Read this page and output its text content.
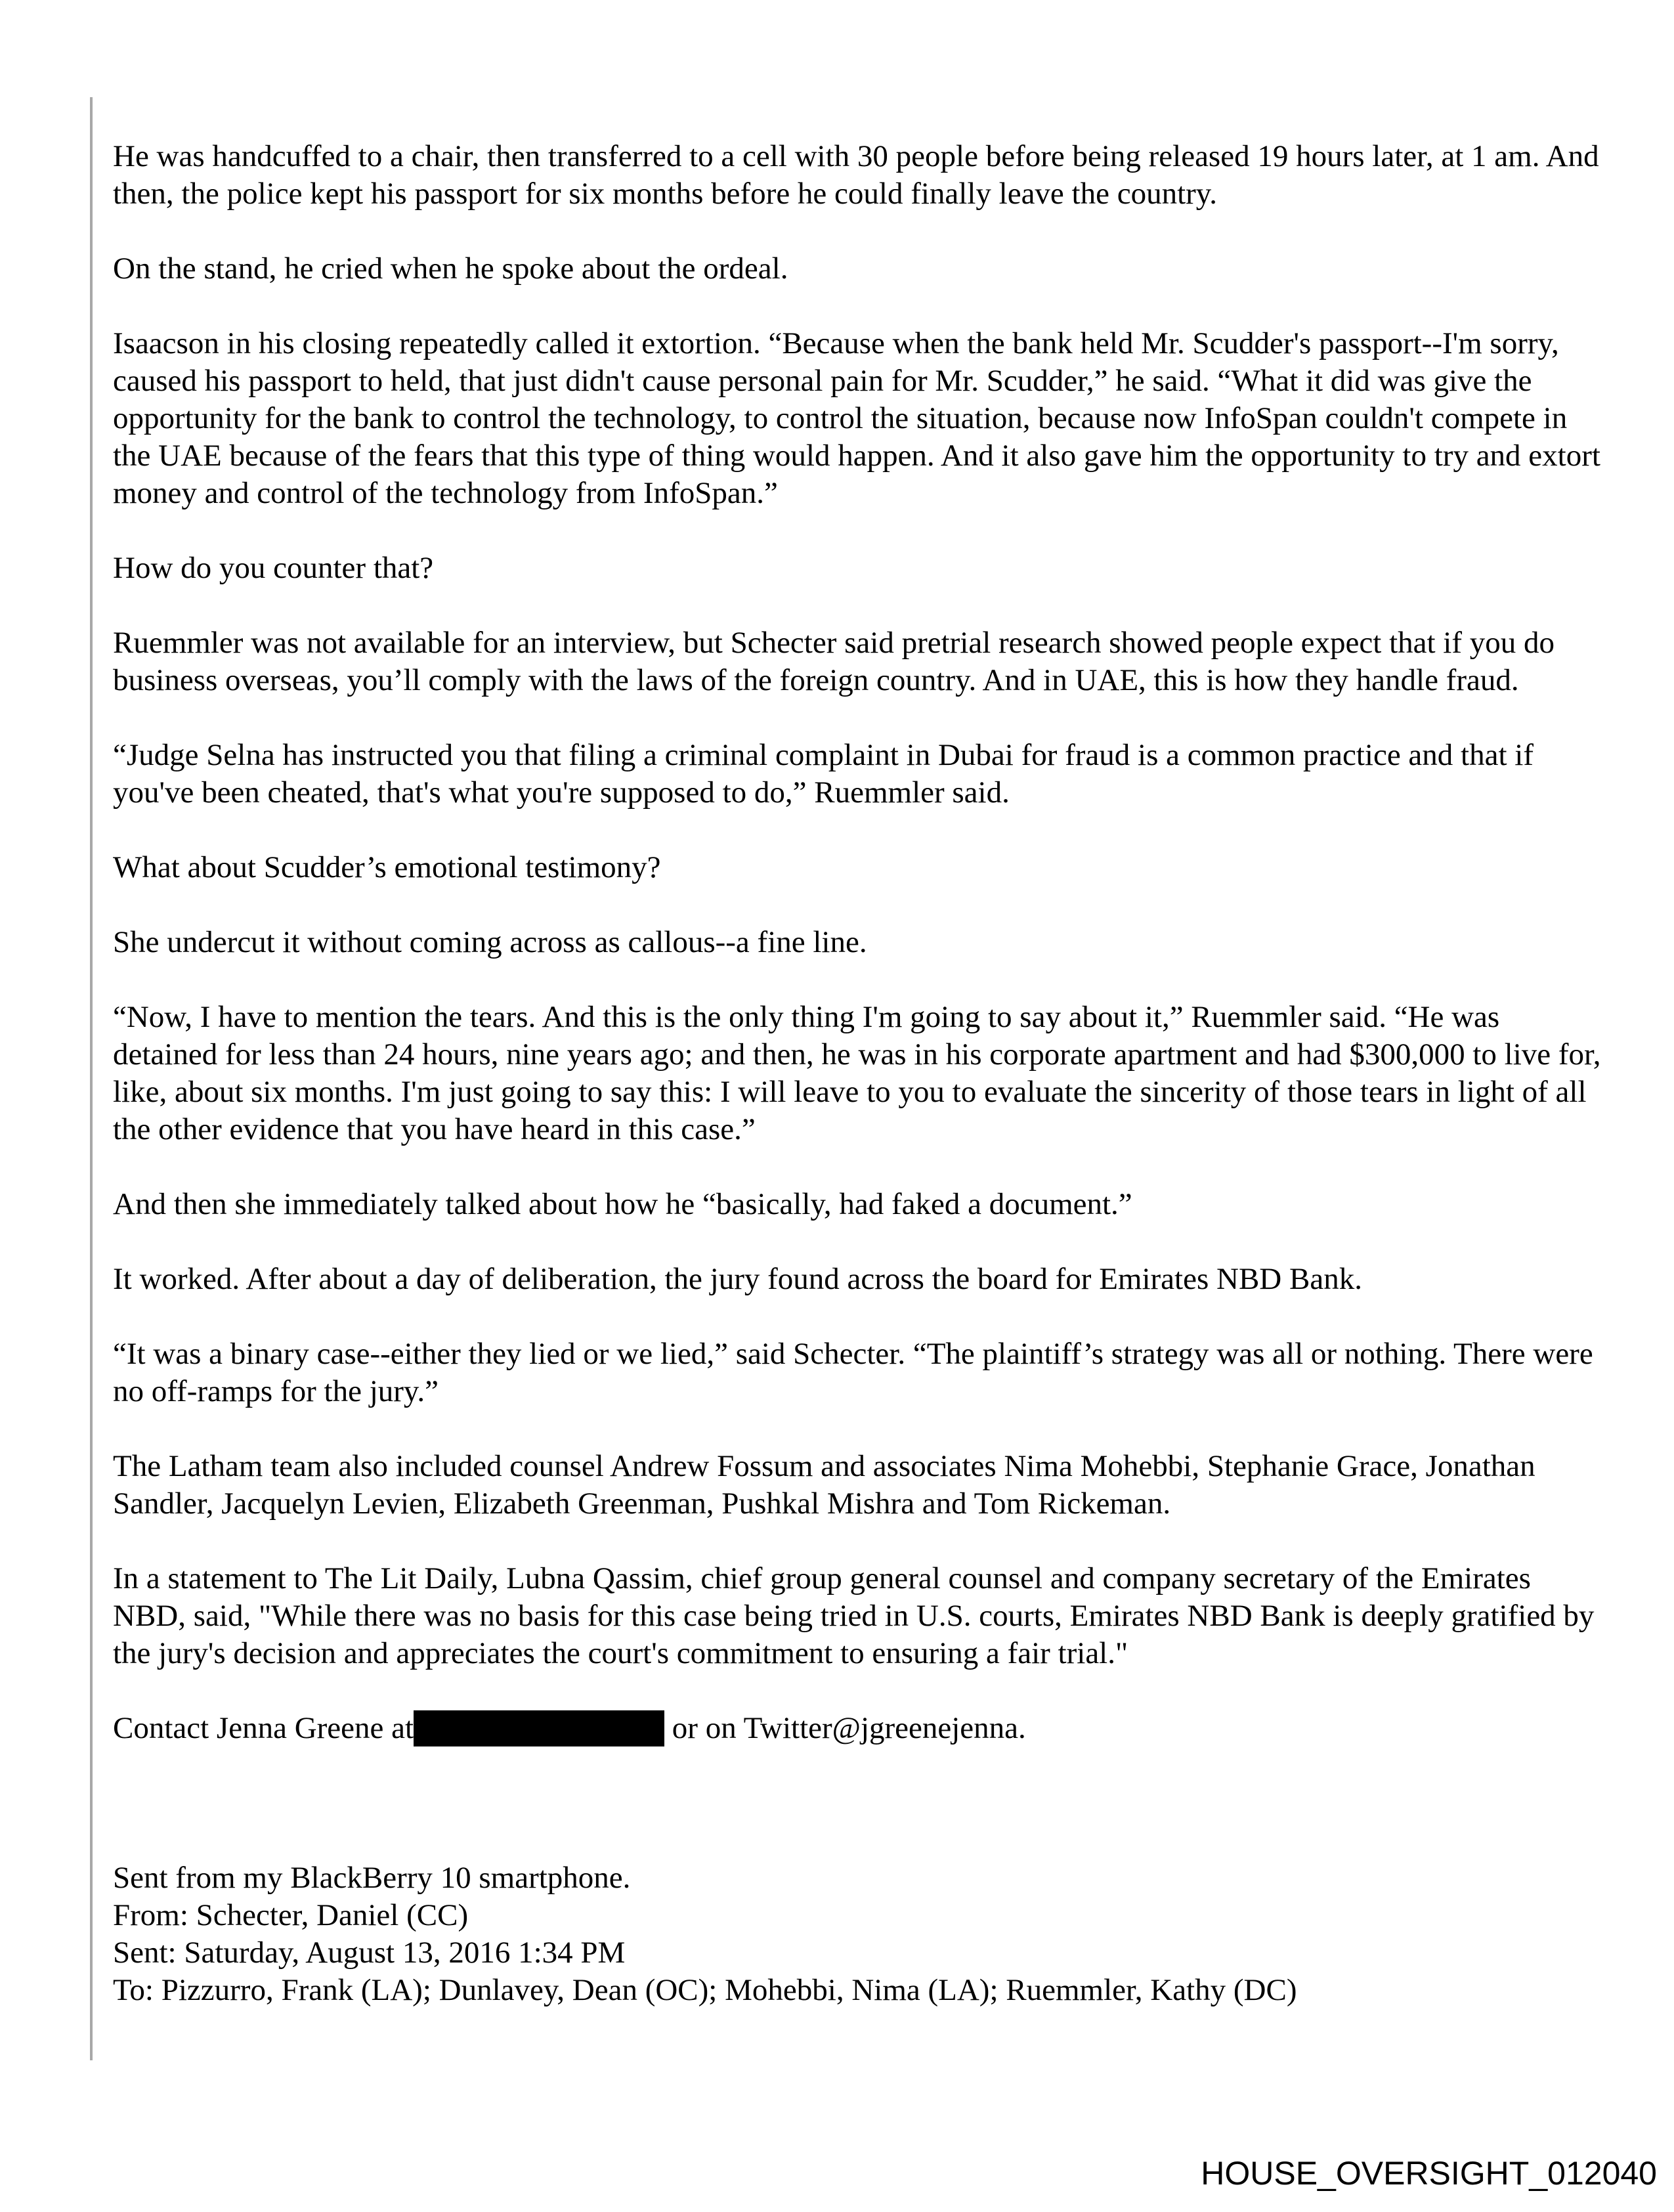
He was handcuffed to a chair, then transferred to a cell with 30 people before being released 19 hours later, at 1 am. And then, the police kept his passport for six months before he could finally leave the country.

On the stand, he cried when he spoke about the ordeal.

Isaacson in his closing repeatedly called it extortion. “Because when the bank held Mr. Scudder's passport--I'm sorry, caused his passport to held, that just didn't cause personal pain for Mr. Scudder,” he said. “What it did was give the opportunity for the bank to control the technology, to control the situation, because now InfoSpan couldn't compete in the UAE because of the fears that this type of thing would happen. And it also gave him the opportunity to try and extort money and control of the technology from InfoSpan.”

How do you counter that?

Ruemmler was not available for an interview, but Schecter said pretrial research showed people expect that if you do business overseas, you’ll comply with the laws of the foreign country. And in UAE, this is how they handle fraud.

“Judge Selna has instructed you that filing a criminal complaint in Dubai for fraud is a common practice and that if you've been cheated, that's what you're supposed to do,” Ruemmler said.

What about Scudder’s emotional testimony?

She undercut it without coming across as callous--a fine line.

“Now, I have to mention the tears. And this is the only thing I'm going to say about it,” Ruemmler said. “He was detained for less than 24 hours, nine years ago; and then, he was in his corporate apartment and had $300,000 to live for, like, about six months. I'm just going to say this: I will leave to you to evaluate the sincerity of those tears in light of all the other evidence that you have heard in this case.”

And then she immediately talked about how he “basically, had faked a document.”

It worked. After about a day of deliberation, the jury found across the board for Emirates NBD Bank.

“It was a binary case--either they lied or we lied,” said Schecter. “The plaintiff’s strategy was all or nothing. There were no off-ramps for the jury.”

The Latham team also included counsel Andrew Fossum and associates Nima Mohebbi, Stephanie Grace, Jonathan Sandler, Jacquelyn Levien, Elizabeth Greenman, Pushkal Mishra and Tom Rickeman.

In a statement to The Lit Daily, Lubna Qassim, chief group general counsel and company secretary of the Emirates NBD, said, "While there was no basis for this case being tried in U.S. courts, Emirates NBD Bank is deeply gratified by the jury's decision and appreciates the court's commitment to ensuring a fair trial."

Contact Jenna Greene at	or on Twitter@jgreenejenna.

Sent from my BlackBerry 10 smartphone.
From: Schecter, Daniel (CC)
Sent: Saturday, August 13, 2016 1:34 PM
To: Pizzurro, Frank (LA); Dunlavey, Dean (OC); Mohebbi, Nima (LA); Ruemmler, Kathy (DC)
HOUSE_OVERSIGHT_012040
